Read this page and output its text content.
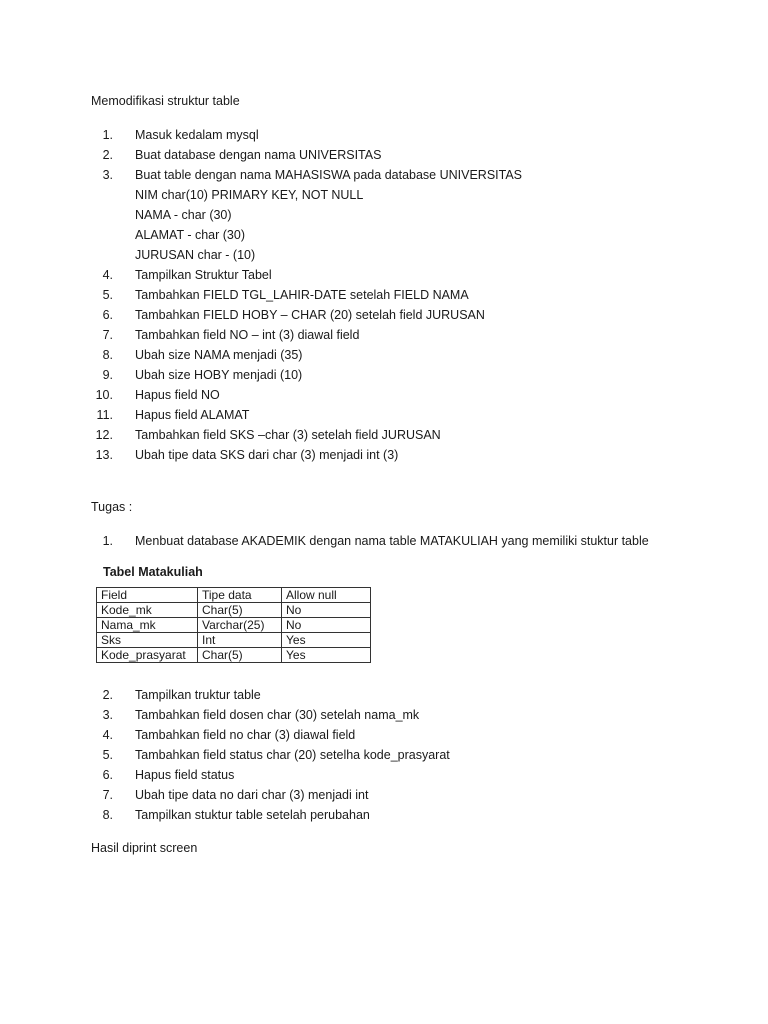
Memodifikasi struktur table
1. Masuk kedalam mysql
2. Buat database dengan nama UNIVERSITAS
3. Buat table dengan nama MAHASISWA pada database UNIVERSITAS
NIM char(10) PRIMARY KEY, NOT NULL
NAMA - char (30)
ALAMAT - char (30)
JURUSAN char - (10)
4. Tampilkan Struktur Tabel
5. Tambahkan FIELD TGL_LAHIR-DATE setelah FIELD NAMA
6. Tambahkan FIELD HOBY – CHAR (20) setelah field JURUSAN
7. Tambahkan field NO – int (3) diawal field
8. Ubah size NAMA menjadi (35)
9. Ubah size HOBY menjadi (10)
10. Hapus field NO
11. Hapus field ALAMAT
12. Tambahkan field SKS –char (3) setelah field JURUSAN
13. Ubah tipe data SKS dari char (3) menjadi int (3)
Tugas :
1. Menbuat database AKADEMIK dengan nama table MATAKULIAH yang memiliki stuktur table
Tabel Matakuliah
Field	Tipe data	Allow null
Kode_mk	Char(5)	No
Nama_mk	Varchar(25)	No
Sks	Int	Yes
Kode_prasyarat	Char(5)	Yes
2. Tampilkan truktur table
3. Tambahkan field dosen char (30) setelah nama_mk
4. Tambahkan field no char (3) diawal field
5. Tambahkan field status char (20) setelha kode_prasyarat
6. Hapus field status
7. Ubah tipe data no dari char (3) menjadi int
8. Tampilkan stuktur table setelah perubahan
Hasil diprint screen
